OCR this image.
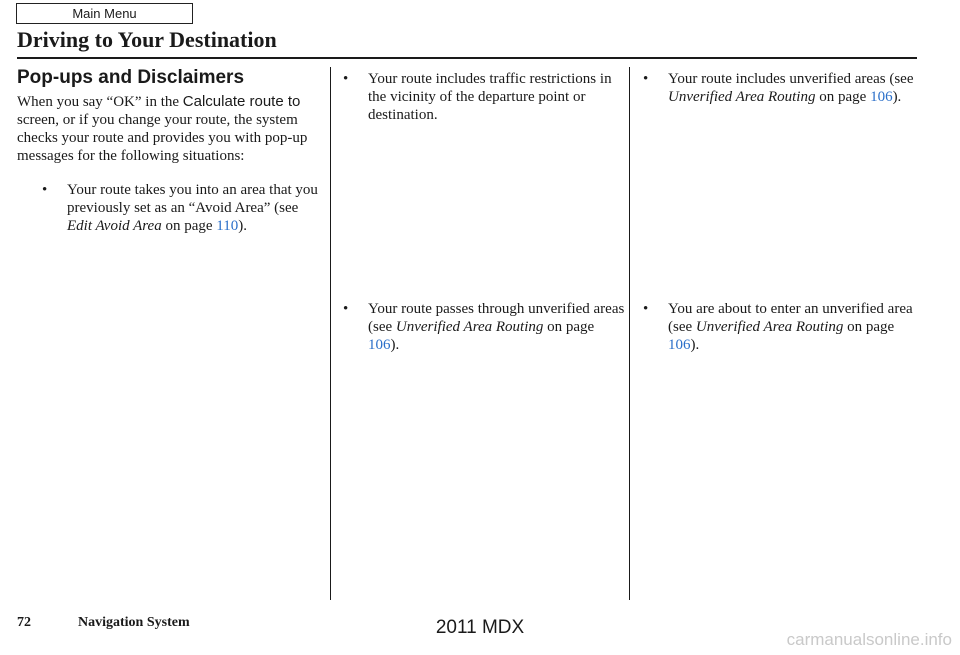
Main Menu
Driving to Your Destination
Pop-ups and Disclaimers

When you say “OK” in the Calculate route to screen, or if you change your route, the system checks your route and provides you with pop-up messages for the following situations:

• Your route takes you into an area that you previously set as an “Avoid Area” (see Edit Avoid Area on page 110).

• Your route includes traffic restrictions in the vicinity of the departure point or destination.

• Your route passes through unverified areas (see Unverified Area Routing on page 106).

• Your route includes unverified areas (see Unverified Area Routing on page 106).

• You are about to enter an unverified area (see Unverified Area Routing on page 106).

72	Navigation System	2011 MDX
carmanualsonline.info
